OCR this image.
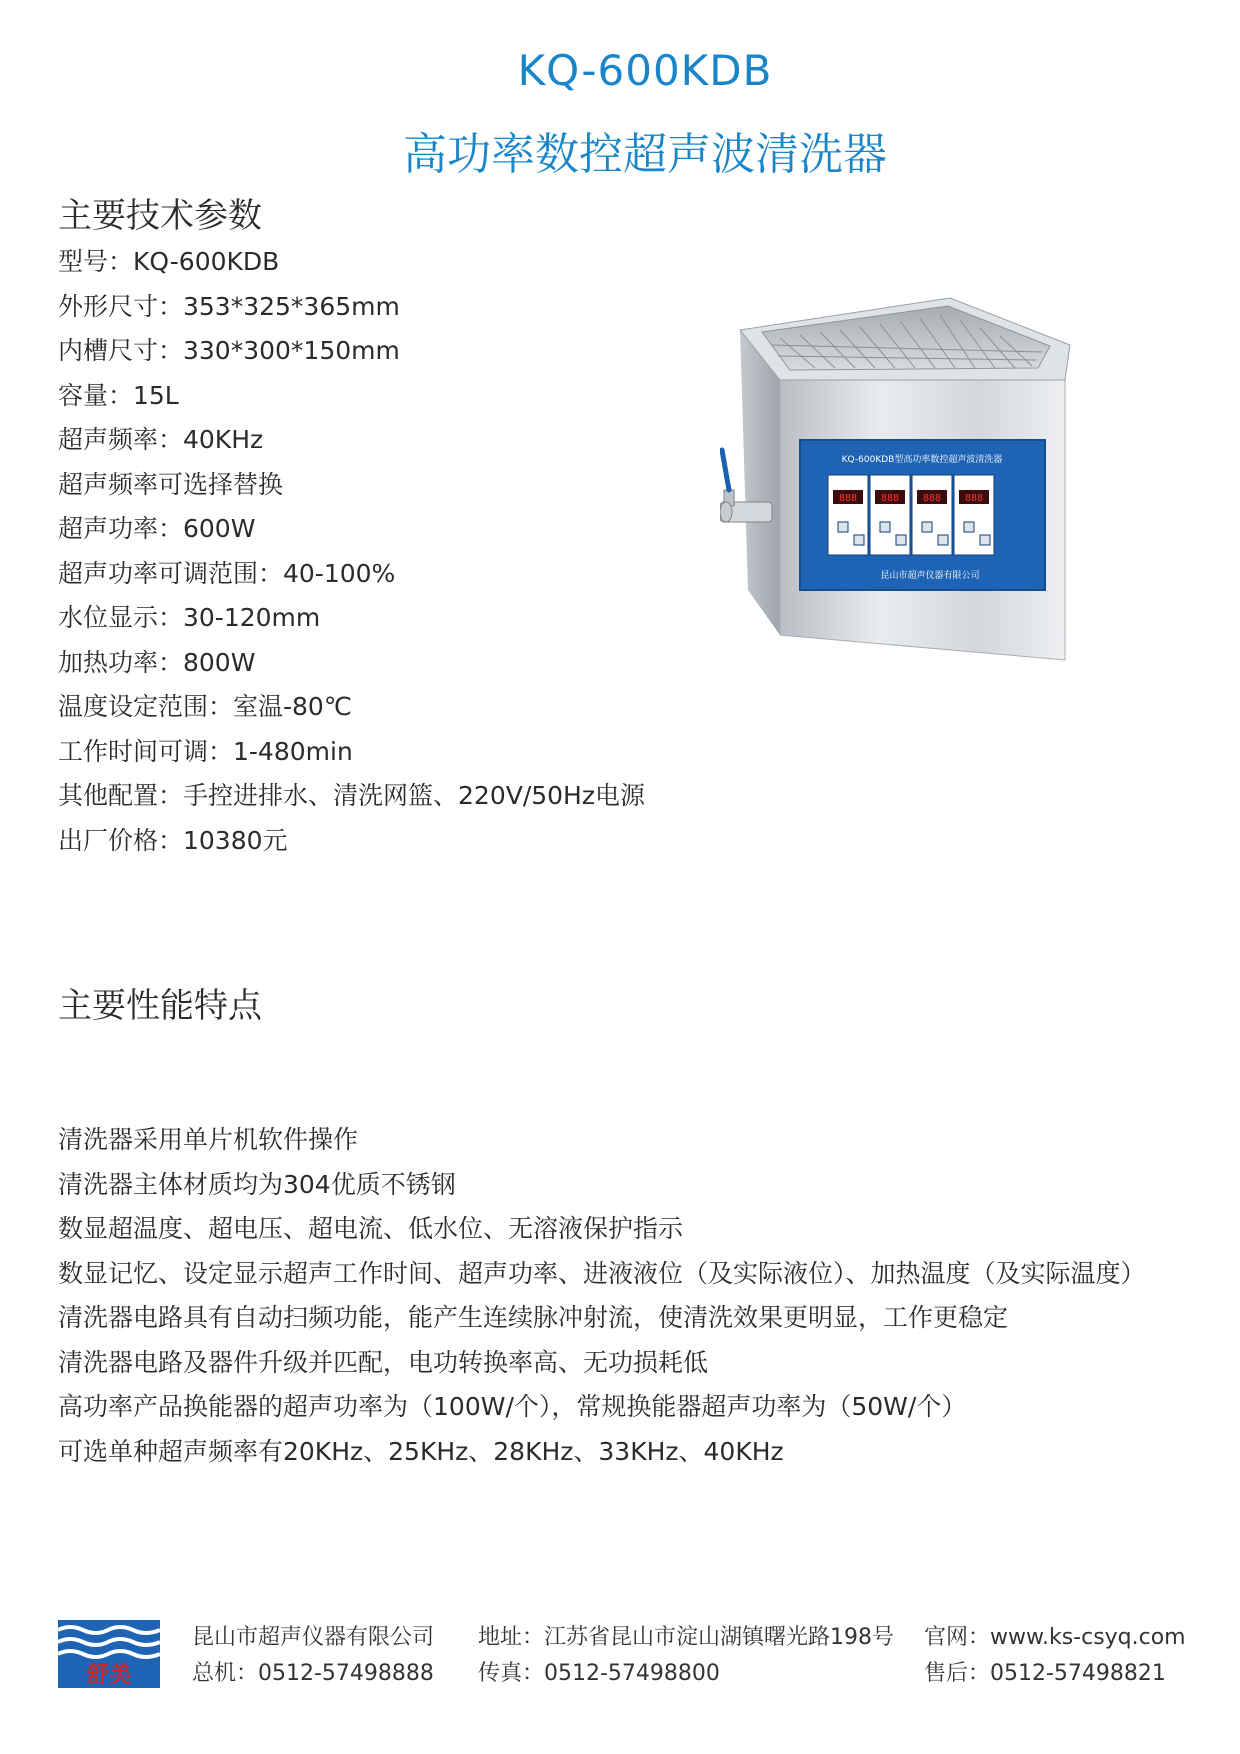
KQ-600KDB
高功率数控超声波清洗器
主要技术参数
型号：KQ-600KDB
外形尺寸：353*325*365mm
内槽尺寸：330*300*150mm
容量：15L
超声频率：40KHz
超声频率可选择替换
超声功率：600W
超声功率可调范围：40-100%
水位显示：30-120mm
加热功率：800W
温度设定范围：室温-80℃
工作时间可调：1-480min
其他配置：手控进排水、清洗网篮、220V/50Hz电源
出厂价格：10380元
KQ-600KDB型高功率数控超声波清洗器
888 888 888 888
昆山市超声仪器有限公司
主要性能特点
清洗器采用单片机软件操作
清洗器主体材质均为304优质不锈钢
数显超温度、超电压、超电流、低水位、无溶液保护指示
数显记忆、设定显示超声工作时间、超声功率、进液液位（及实际液位）、加热温度（及实际温度）
清洗器电路具有自动扫频功能，能产生连续脉冲射流，使清洗效果更明显，工作更稳定
清洗器电路及器件升级并匹配，电功转换率高、无功损耗低
高功率产品换能器的超声功率为（100W/个），常规换能器超声功率为（50W/个）
可选单种超声频率有20KHz、25KHz、28KHz、33KHz、40KHz
舒美
昆山市超声仪器有限公司
总机：0512-57498888
地址：江苏省昆山市淀山湖镇曙光路198号
传真：0512-57498800
官网：www.ks-csyq.com
售后：0512-57498821
